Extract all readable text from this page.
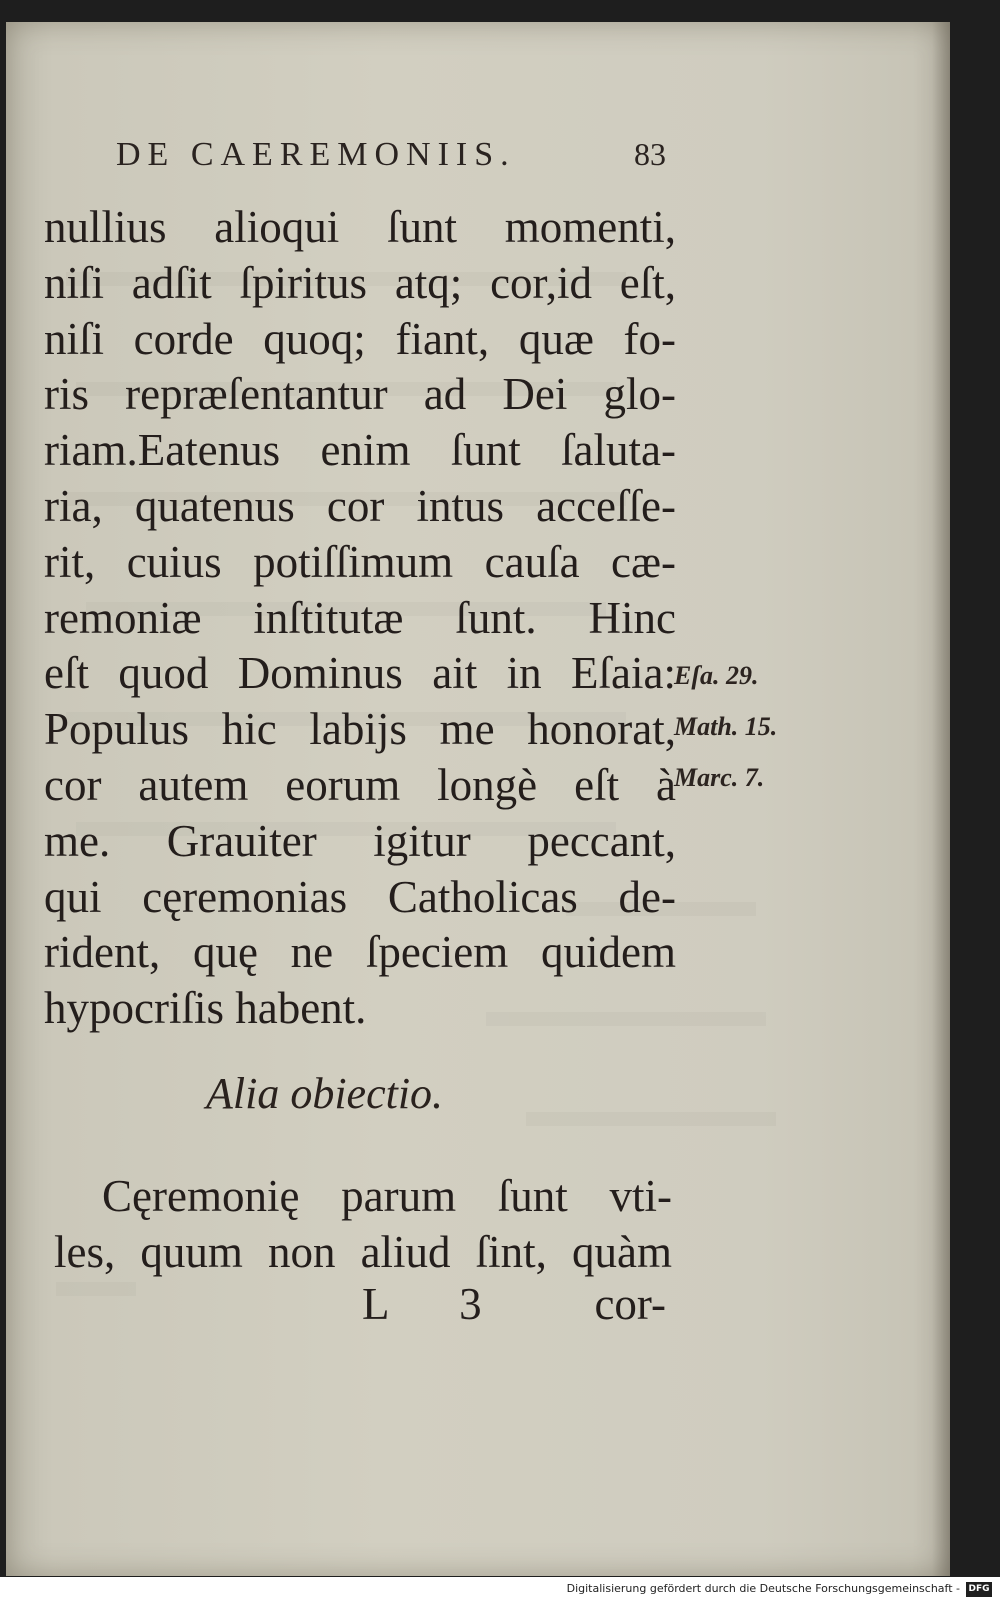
DE CAEREMONIIS.	83
nullius alioqui ſunt momenti,
niſi adſit ſpiritus atq; cor,id eſt,
niſi corde quoq; fiant, quæ fo-
ris repræſentantur ad Dei glo-
riam.Eatenus enim ſunt ſaluta-
ria, quatenus cor intus acceſſe-
rit, cuius potiſſimum cauſa cæ-
remoniæ inſtitutæ ſunt. Hinc
eſt quod Dominus ait in Eſaia:
Populus hic labijs me honorat,
cor autem eorum longè eſt à
me. Grauiter igitur peccant,
qui cęremonias Catholicas de-
rident, quę ne ſpeciem quidem
hypocriſis habent.
Eſa. 29.
Math. 15.
Marc. 7.
Alia obiectio.
Cęremonię parum ſunt vti-
les, quum non aliud ſint, quàm
L 3 cor-
Digitalisierung gefördert durch die Deutsche Forschungsgemeinschaft - DFG
